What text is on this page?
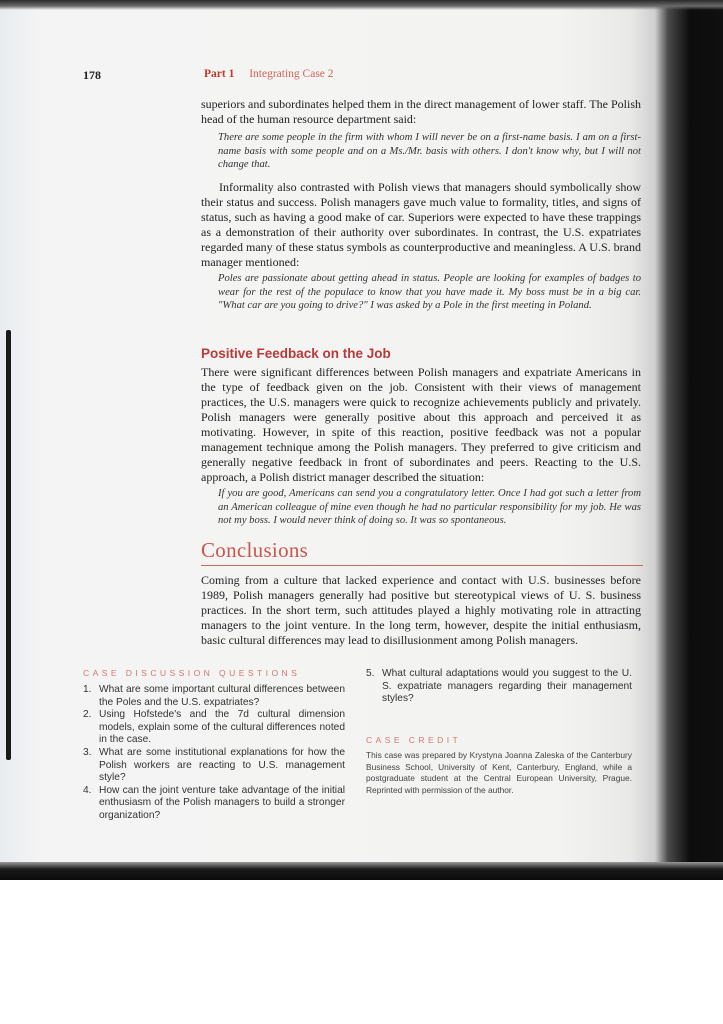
178	Part 1 Integrating Case 2

superiors and subordinates helped them in the direct management of lower staff. The Polish head of the human resource department said:

There are some people in the firm with whom I will never be on a first-name basis. I am on a first-name basis with some people and on a Ms./Mr. basis with others. I don't know why, but I will not change that.

Informality also contrasted with Polish views that managers should symbolically show their status and success. Polish managers gave much value to formality, titles, and signs of status, such as having a good make of car. Superiors were expected to have these trappings as a demonstration of their authority over subordinates. In contrast, the U.S. expatriates regarded many of these status symbols as counterproductive and meaningless. A U.S. brand manager mentioned:

Poles are passionate about getting ahead in status. People are looking for examples of badges to wear for the rest of the populace to know that you have made it. My boss must be in a big car. "What car are you going to drive?" I was asked by a Pole in the first meeting in Poland.

Positive Feedback on the Job

There were significant differences between Polish managers and expatriate Americans in the type of feedback given on the job. Consistent with their views of management practices, the U.S. managers were quick to recognize achievements publicly and privately. Polish managers were generally positive about this approach and perceived it as motivating. However, in spite of this reaction, positive feedback was not a popular management technique among the Polish managers. They preferred to give criticism and generally negative feedback in front of subordinates and peers. Reacting to the U.S. approach, a Polish district manager described the situation:

If you are good, Americans can send you a congratulatory letter. Once I had got such a letter from an American colleague of mine even though he had no particular responsibility for my job. He was not my boss. I would never think of doing so. It was so spontaneous.

Conclusions

Coming from a culture that lacked experience and contact with U.S. businesses before 1989, Polish managers generally had positive but stereotypical views of U. S. business practices. In the short term, such attitudes played a highly motivating role in attracting managers to the joint venture. In the long term, however, despite the initial enthusiasm, basic cultural differences may lead to disillusionment among Polish managers.

CASE DISCUSSION QUESTIONS

1. What are some important cultural differences between the Poles and the U.S. expatriates?

2. Using Hofstede's and the 7d cultural dimension models, explain some of the cultural differences noted in the case.

3. What are some institutional explanations for how the Polish workers are reacting to U.S. management style?

4. How can the joint venture take advantage of the initial enthusiasm of the Polish managers to build a stronger organization?

5. What cultural adaptations would you suggest to the U. S. expatriate managers regarding their management styles?

CASE CREDIT
This case was prepared by Krystyna Joanna Zaleska of the Canterbury Business School, University of Kent, Canterbury, England, while a postgraduate student at the Central European University, Prague. Reprinted with permission of the author.
